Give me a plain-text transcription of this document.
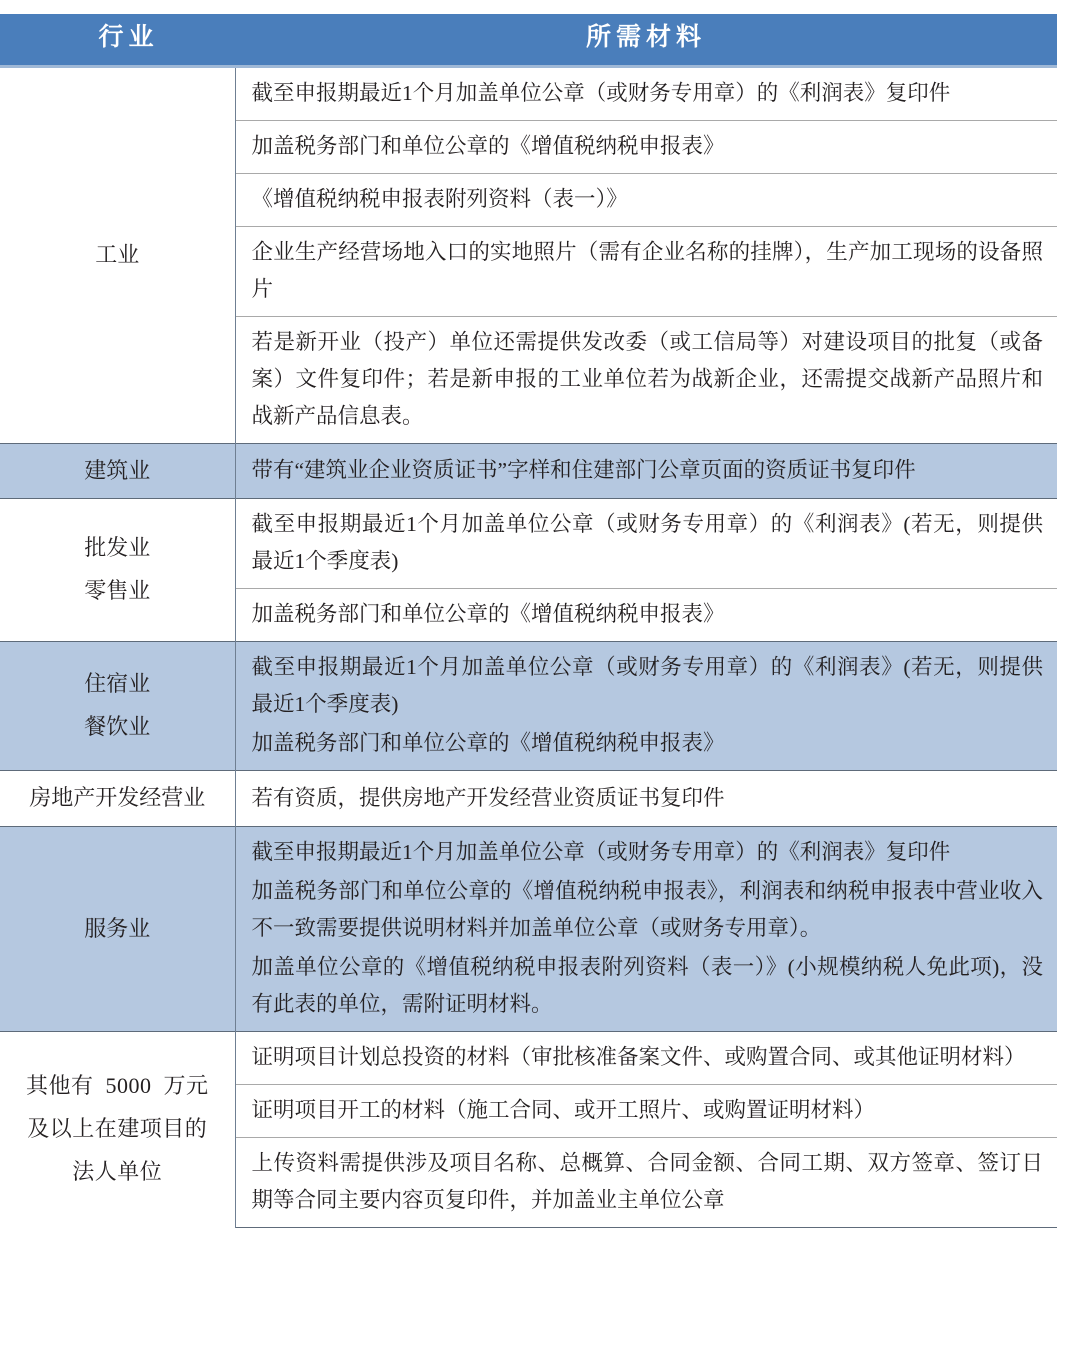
行业	所需材料

工业	截至申报期最近1个月加盖单位公章（或财务专用章）的《利润表》复印件

	加盖税务部门和单位公章的《增值税纳税申报表》

	《增值税纳税申报表附列资料（表一）》

	企业生产经营场地入口的实地照片（需有企业名称的挂牌），生产加工现场的设备照片

	若是新开业（投产）单位还需提供发改委（或工信局等）对建设项目的批复（或备案）文件复印件；若是新申报的工业单位若为战新企业，还需提交战新产品照片和战新产品信息表。

建筑业	带有“建筑业企业资质证书”字样和住建部门公章页面的资质证书复印件

批发业
零售业	截至申报期最近1个月加盖单位公章（或财务专用章）的《利润表》(若无，则提供最近1个季度表)

	加盖税务部门和单位公章的《增值税纳税申报表》

住宿业
餐饮业	截至申报期最近1个月加盖单位公章（或财务专用章）的《利润表》(若无，则提供最近1个季度表)
加盖税务部门和单位公章的《增值税纳税申报表》

房地产开发经营业	若有资质，提供房地产开发经营业资质证书复印件

服务业	截至申报期最近1个月加盖单位公章（或财务专用章）的《利润表》复印件
加盖税务部门和单位公章的《增值税纳税申报表》，利润表和纳税申报表中营业收入不一致需要提供说明材料并加盖单位公章（或财务专用章）。
加盖单位公章的《增值税纳税申报表附列资料（表一）》(小规模纳税人免此项)，没有此表的单位，需附证明材料。

其他有 5000 万元
及以上在建项目的
法人单位	证明项目计划总投资的材料（审批核准备案文件、或购置合同、或其他证明材料）

	证明项目开工的材料（施工合同、或开工照片、或购置证明材料）

	上传资料需提供涉及项目名称、总概算、合同金额、合同工期、双方签章、签订日期等合同主要内容页复印件，并加盖业主单位公章
